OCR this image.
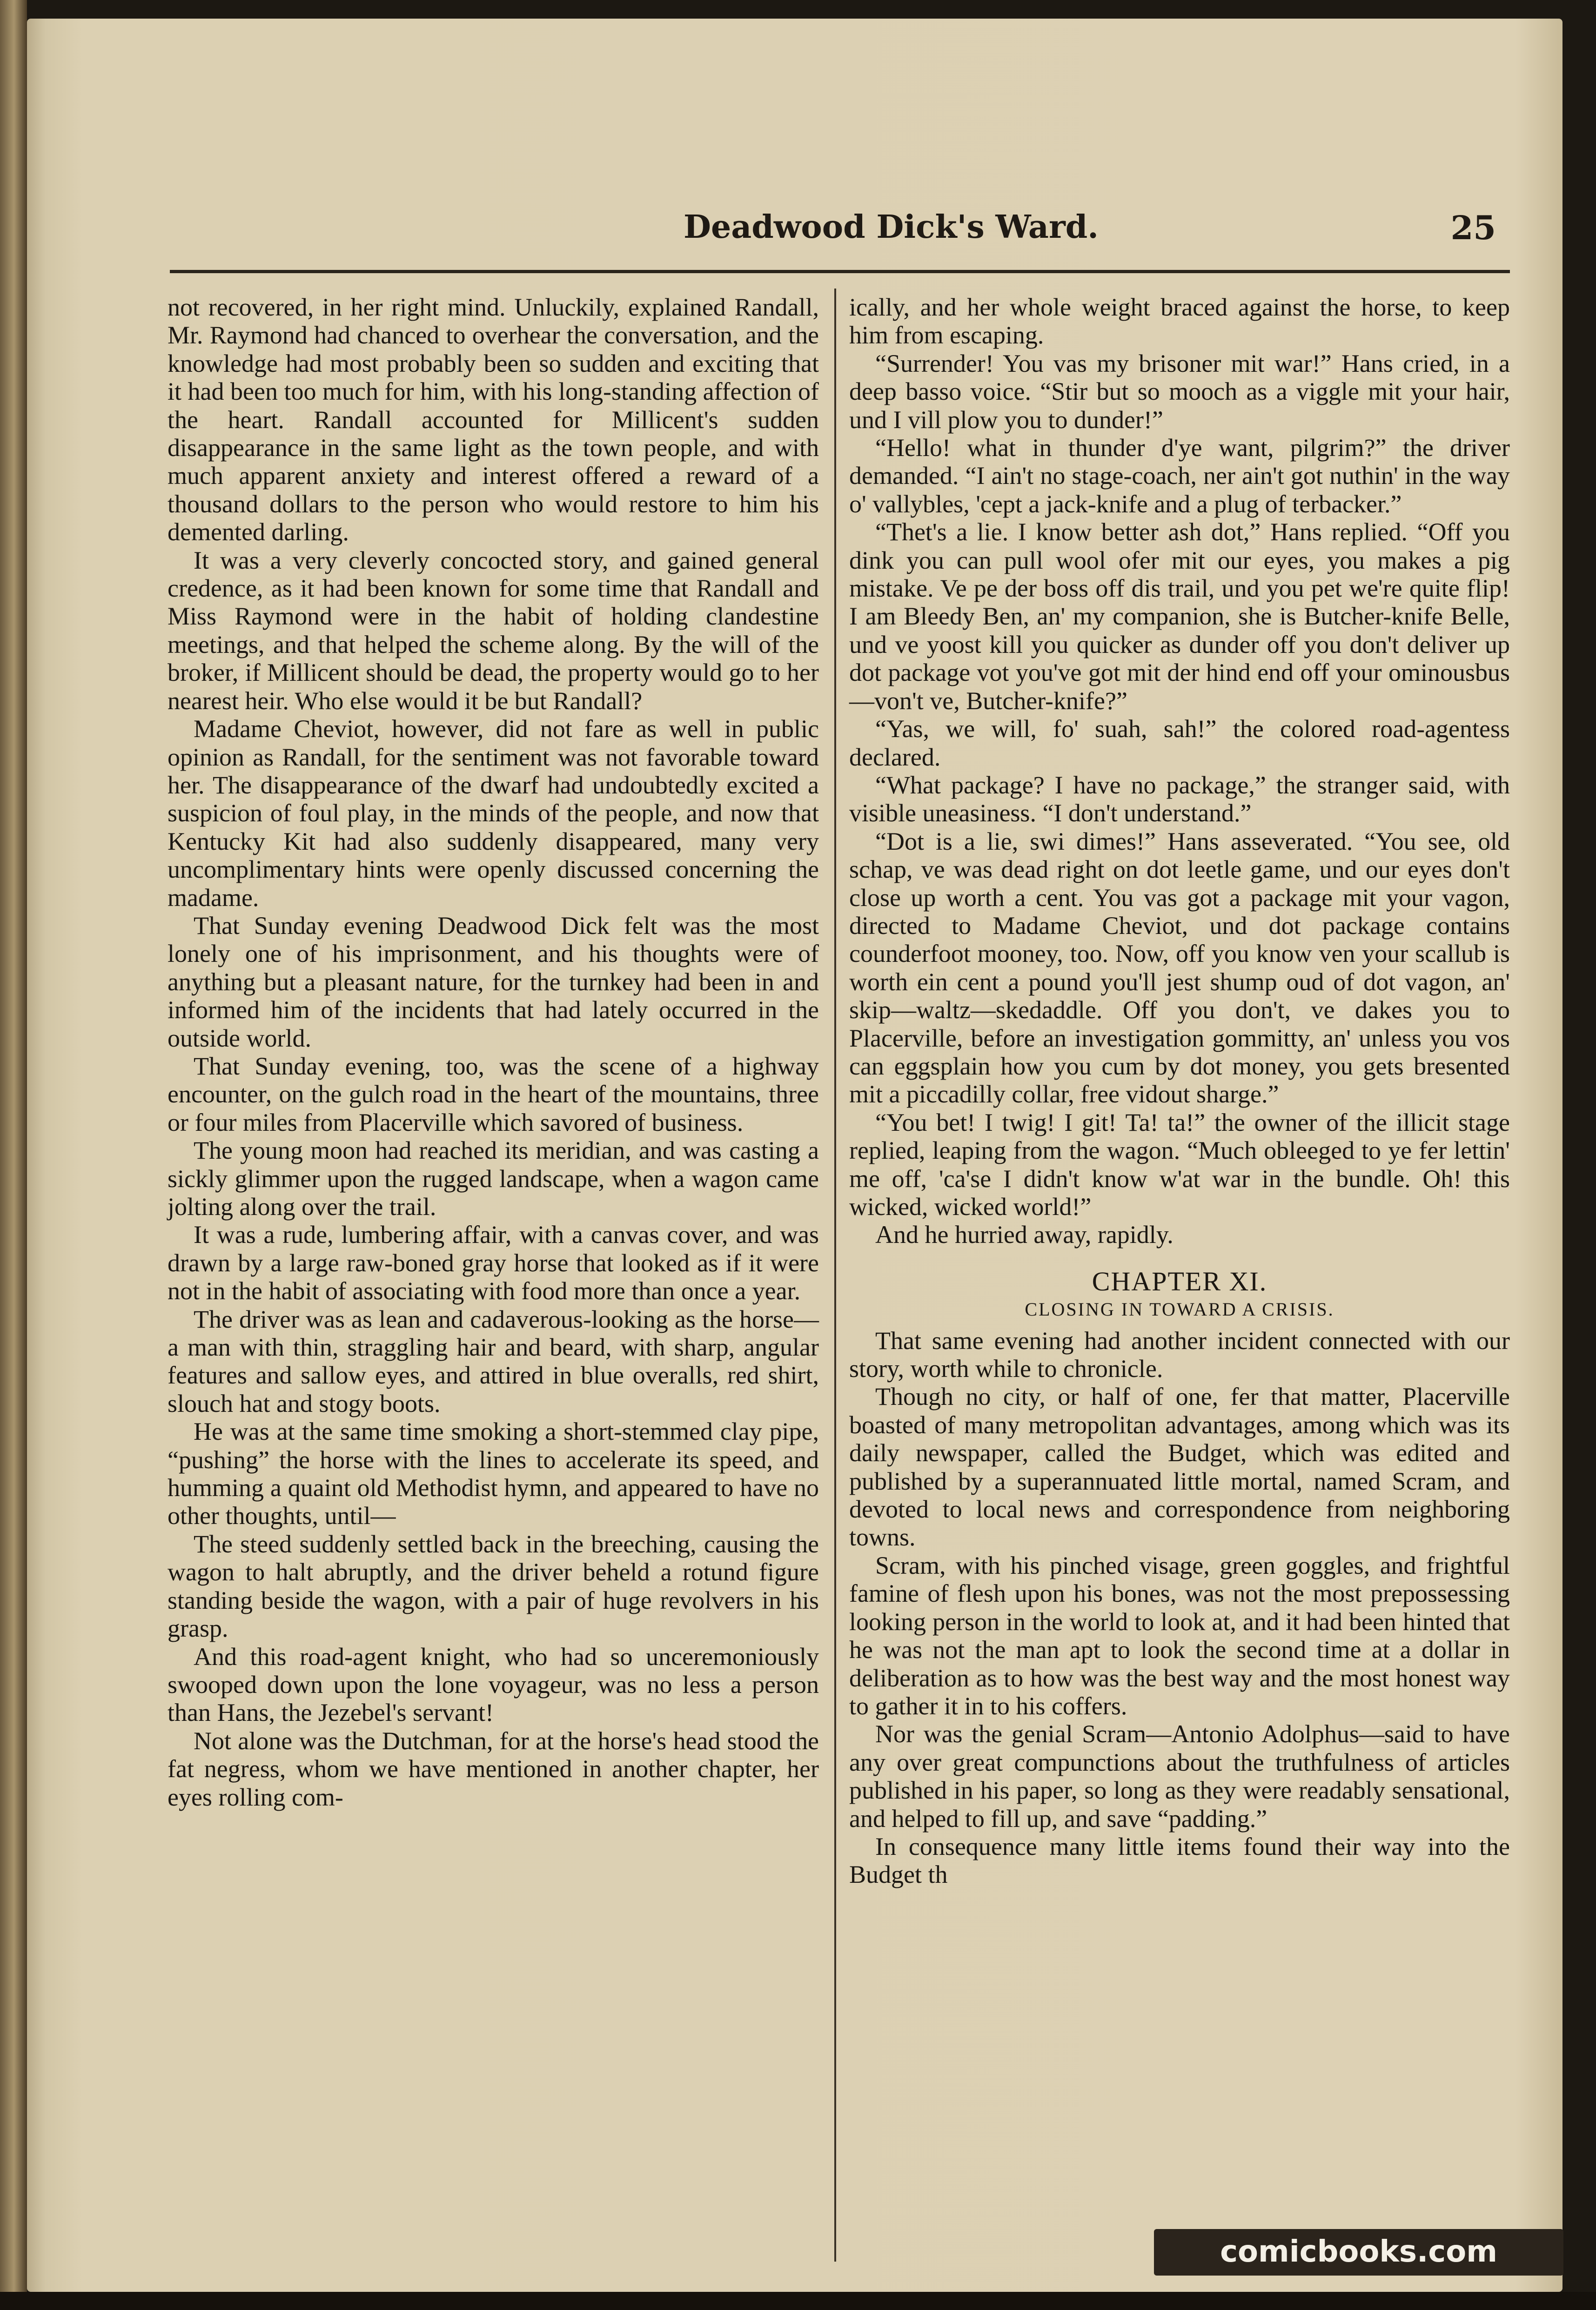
Deadwood Dick's Ward.	25

not recovered, in her right mind. Unluckily, explained Randall, Mr. Raymond had chanced to overhear the conversation, and the knowledge had most probably been so sudden and exciting that it had been too much for him, with his long-standing affection of the heart. Randall accounted for Millicent's sudden disappearance in the same light as the town people, and with much apparent anxiety and interest offered a reward of a thousand dollars to the person who would restore to him his demented darling.

It was a very cleverly concocted story, and gained general credence, as it had been known for some time that Randall and Miss Raymond were in the habit of holding clandestine meetings, and that helped the scheme along. By the will of the broker, if Millicent should be dead, the property would go to her nearest heir. Who else would it be but Randall?

Madame Cheviot, however, did not fare as well in public opinion as Randall, for the sentiment was not favorable toward her. The disappearance of the dwarf had undoubtedly excited a suspicion of foul play, in the minds of the people, and now that Kentucky Kit had also suddenly disappeared, many very uncomplimentary hints were openly discussed concerning the madame.

That Sunday evening Deadwood Dick felt was the most lonely one of his imprisonment, and his thoughts were of anything but a pleasant nature, for the turnkey had been in and informed him of the incidents that had lately occurred in the outside world.

That Sunday evening, too, was the scene of a highway encounter, on the gulch road in the heart of the mountains, three or four miles from Placerville which savored of business.

The young moon had reached its meridian, and was casting a sickly glimmer upon the rugged landscape, when a wagon came jolting along over the trail.

It was a rude, lumbering affair, with a canvas cover, and was drawn by a large raw-boned gray horse that looked as if it were not in the habit of associating with food more than once a year.

The driver was as lean and cadaverous-looking as the horse—a man with thin, straggling hair and beard, with sharp, angular features and sallow eyes, and attired in blue overalls, red shirt, slouch hat and stogy boots.

He was at the same time smoking a short-stemmed clay pipe, “pushing” the horse with the lines to accelerate its speed, and humming a quaint old Methodist hymn, and appeared to have no other thoughts, until—

The steed suddenly settled back in the breeching, causing the wagon to halt abruptly, and the driver beheld a rotund figure standing beside the wagon, with a pair of huge revolvers in his grasp.

And this road-agent knight, who had so unceremoniously swooped down upon the lone voyageur, was no less a person than Hans, the Jezebel's servant!

Not alone was the Dutchman, for at the horse's head stood the fat negress, whom we have mentioned in another chapter, her eyes rolling com-

ically, and her whole weight braced against the horse, to keep him from escaping.

“Surrender! You vas my brisoner mit war!” Hans cried, in a deep basso voice. “Stir but so mooch as a viggle mit your hair, und I vill plow you to dunder!”

“Hello! what in thunder d'ye want, pilgrim?” the driver demanded. “I ain't no stage-coach, ner ain't got nuthin' in the way o' vallybles, 'cept a jack-knife and a plug of terbacker.”

“Thet's a lie. I know better ash dot,” Hans replied. “Off you dink you can pull wool ofer mit our eyes, you makes a pig mistake. Ve pe der boss off dis trail, und you pet we're quite flip! I am Bleedy Ben, an' my companion, she is Butcher-knife Belle, und ve yoost kill you quicker as dunder off you don't deliver up dot package vot you've got mit der hind end off your ominousbus—von't ve, Butcher-knife?”

“Yas, we will, fo' suah, sah!” the colored road-agentess declared.

“What package? I have no package,” the stranger said, with visible uneasiness. “I don't understand.”

“Dot is a lie, swi dimes!” Hans asseverated. “You see, old schap, ve was dead right on dot leetle game, und our eyes don't close up worth a cent. You vas got a package mit your vagon, directed to Madame Cheviot, und dot package contains counderfoot mooney, too. Now, off you know ven your scallub is worth ein cent a pound you'll jest shump oud of dot vagon, an' skip—waltz—skedaddle. Off you don't, ve dakes you to Placerville, before an investigation gommitty, an' unless you vos can eggsplain how you cum by dot money, you gets bresented mit a piccadilly collar, free vidout sharge.”

“You bet! I twig! I git! Ta! ta!” the owner of the illicit stage replied, leaping from the wagon. “Much obleeged to ye fer lettin' me off, 'ca'se I didn't know w'at war in the bundle. Oh! this wicked, wicked world!”

And he hurried away, rapidly.

CHAPTER XI.
CLOSING IN TOWARD A CRISIS.

That same evening had another incident connected with our story, worth while to chronicle.

Though no city, or half of one, fer that matter, Placerville boasted of many metropolitan advantages, among which was its daily newspaper, called the Budget, which was edited and published by a superannuated little mortal, named Scram, and devoted to local news and correspondence from neighboring towns.

Scram, with his pinched visage, green goggles, and frightful famine of flesh upon his bones, was not the most prepossessing looking person in the world to look at, and it had been hinted that he was not the man apt to look the second time at a dollar in deliberation as to how was the best way and the most honest way to gather it in to his coffers.

Nor was the genial Scram—Antonio Adolphus—said to have any over great compunctions about the truthfulness of articles published in his paper, so long as they were readably sensational, and helped to fill up, and save “padding.”

In consequence many little items found their way into the Budget th

comicbooks.com
